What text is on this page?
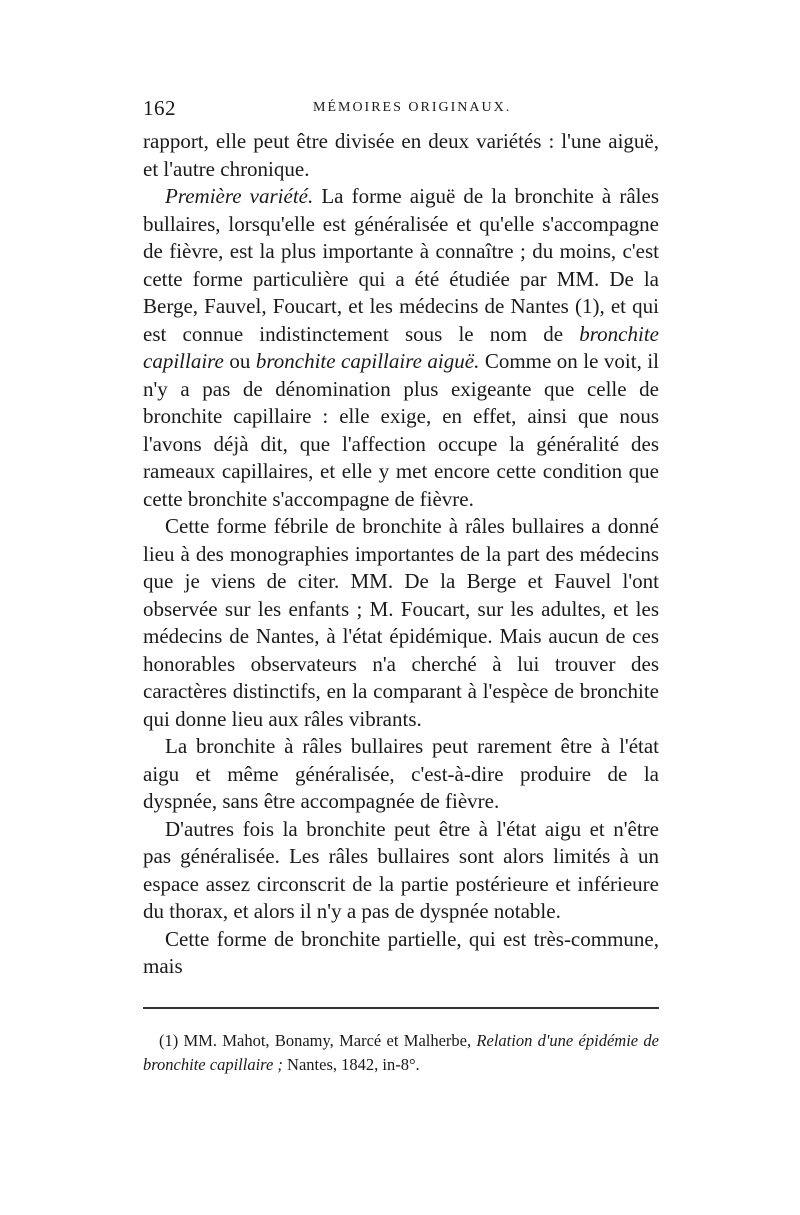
162	MÉMOIRES ORIGINAUX.

rapport, elle peut être divisée en deux variétés : l'une aiguë, et l'autre chronique.

Première variété. La forme aiguë de la bronchite à râles bullaires, lorsqu'elle est généralisée et qu'elle s'accompagne de fièvre, est la plus importante à connaître ; du moins, c'est cette forme particulière qui a été étudiée par MM. De la Berge, Fauvel, Foucart, et les médecins de Nantes (1), et qui est connue indistinctement sous le nom de bronchite capillaire ou bronchite capillaire aiguë. Comme on le voit, il n'y a pas de dénomination plus exigeante que celle de bronchite capillaire : elle exige, en effet, ainsi que nous l'avons déjà dit, que l'affection occupe la généralité des rameaux capillaires, et elle y met encore cette condition que cette bronchite s'accompagne de fièvre.

Cette forme fébrile de bronchite à râles bullaires a donné lieu à des monographies importantes de la part des médecins que je viens de citer. MM. De la Berge et Fauvel l'ont observée sur les enfants ; M. Foucart, sur les adultes, et les médecins de Nantes, à l'état épidémique. Mais aucun de ces honorables observateurs n'a cherché à lui trouver des caractères distinctifs, en la comparant à l'espèce de bronchite qui donne lieu aux râles vibrants.

La bronchite à râles bullaires peut rarement être à l'état aigu et même généralisée, c'est-à-dire produire de la dyspnée, sans être accompagnée de fièvre.

D'autres fois la bronchite peut être à l'état aigu et n'être pas généralisée. Les râles bullaires sont alors limités à un espace assez circonscrit de la partie postérieure et inférieure du thorax, et alors il n'y a pas de dyspnée notable.

Cette forme de bronchite partielle, qui est très-commune, mais

(1) MM. Mahot, Bonamy, Marcé et Malherbe, Relation d'une épidémie de bronchite capillaire ; Nantes, 1842, in-8°.
